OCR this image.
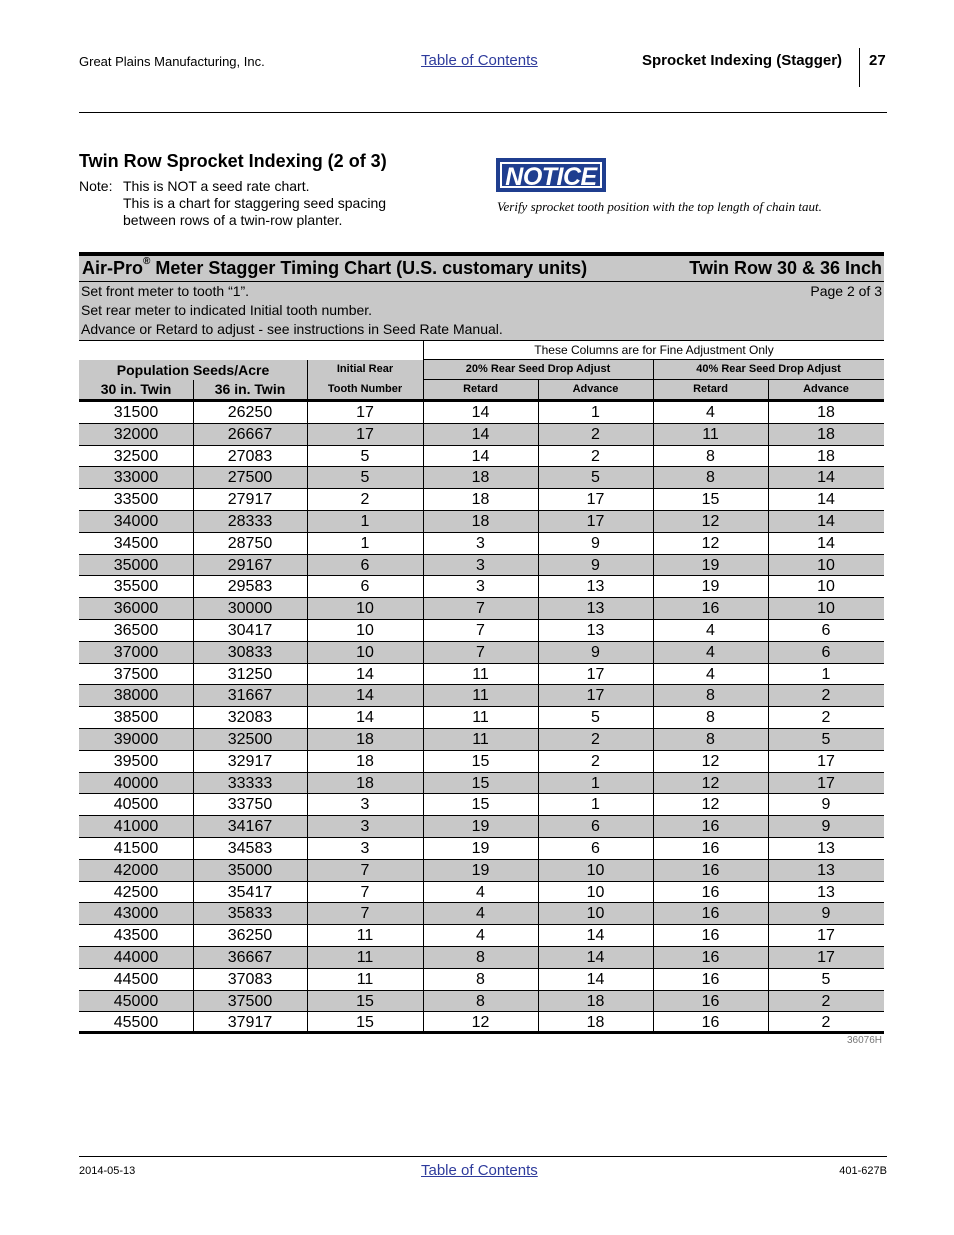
Great Plains Manufacturing, Inc.	Table of Contents	Sprocket Indexing (Stagger) 27
Twin Row Sprocket Indexing (2 of 3)
Note: This is NOT a seed rate chart.
This is a chart for staggering seed spacing
between rows of a twin-row planter.
NOTICE
Verify sprocket tooth position with the top length of chain taut.
Air-Pro® Meter Stagger Timing Chart (U.S. customary units)	Twin Row 30 & 36 Inch
Set front meter to tooth “1”.
Set rear meter to indicated Initial tooth number.
Advance or Retard to adjust - see instructions in Seed Rate Manual.
Page 2 of 3
These Columns are for Fine Adjustment Only
Population Seeds/Acre
30 in. Twin	36 in. Twin
Initial Rear
Tooth Number
20% Rear Seed Drop Adjust	40% Rear Seed Drop Adjust
Retard	Advance	Retard	Advance
31500	26250	17	14	1	4	18
32000	26667	17	14	2	11	18
32500	27083	5	14	2	8	18
33000	27500	5	18	5	8	14
33500	27917	2	18	17	15	14
34000	28333	1	18	17	12	14
34500	28750	1	3	9	12	14
35000	29167	6	3	9	19	10
35500	29583	6	3	13	19	10
36000	30000	10	7	13	16	10
36500	30417	10	7	13	4	6
37000	30833	10	7	9	4	6
37500	31250	14	11	17	4	1
38000	31667	14	11	17	8	2
38500	32083	14	11	5	8	2
39000	32500	18	11	2	8	5
39500	32917	18	15	2	12	17
40000	33333	18	15	1	12	17
40500	33750	3	15	1	12	9
41000	34167	3	19	6	16	9
41500	34583	3	19	6	16	13
42000	35000	7	19	10	16	13
42500	35417	7	4	10	16	13
43000	35833	7	4	10	16	9
43500	36250	11	4	14	16	17
44000	36667	11	8	14	16	17
44500	37083	11	8	14	16	5
45000	37500	15	8	18	16	2
45500	37917	15	12	18	16	2
36076H
2014-05-13	Table of Contents	401-627B
